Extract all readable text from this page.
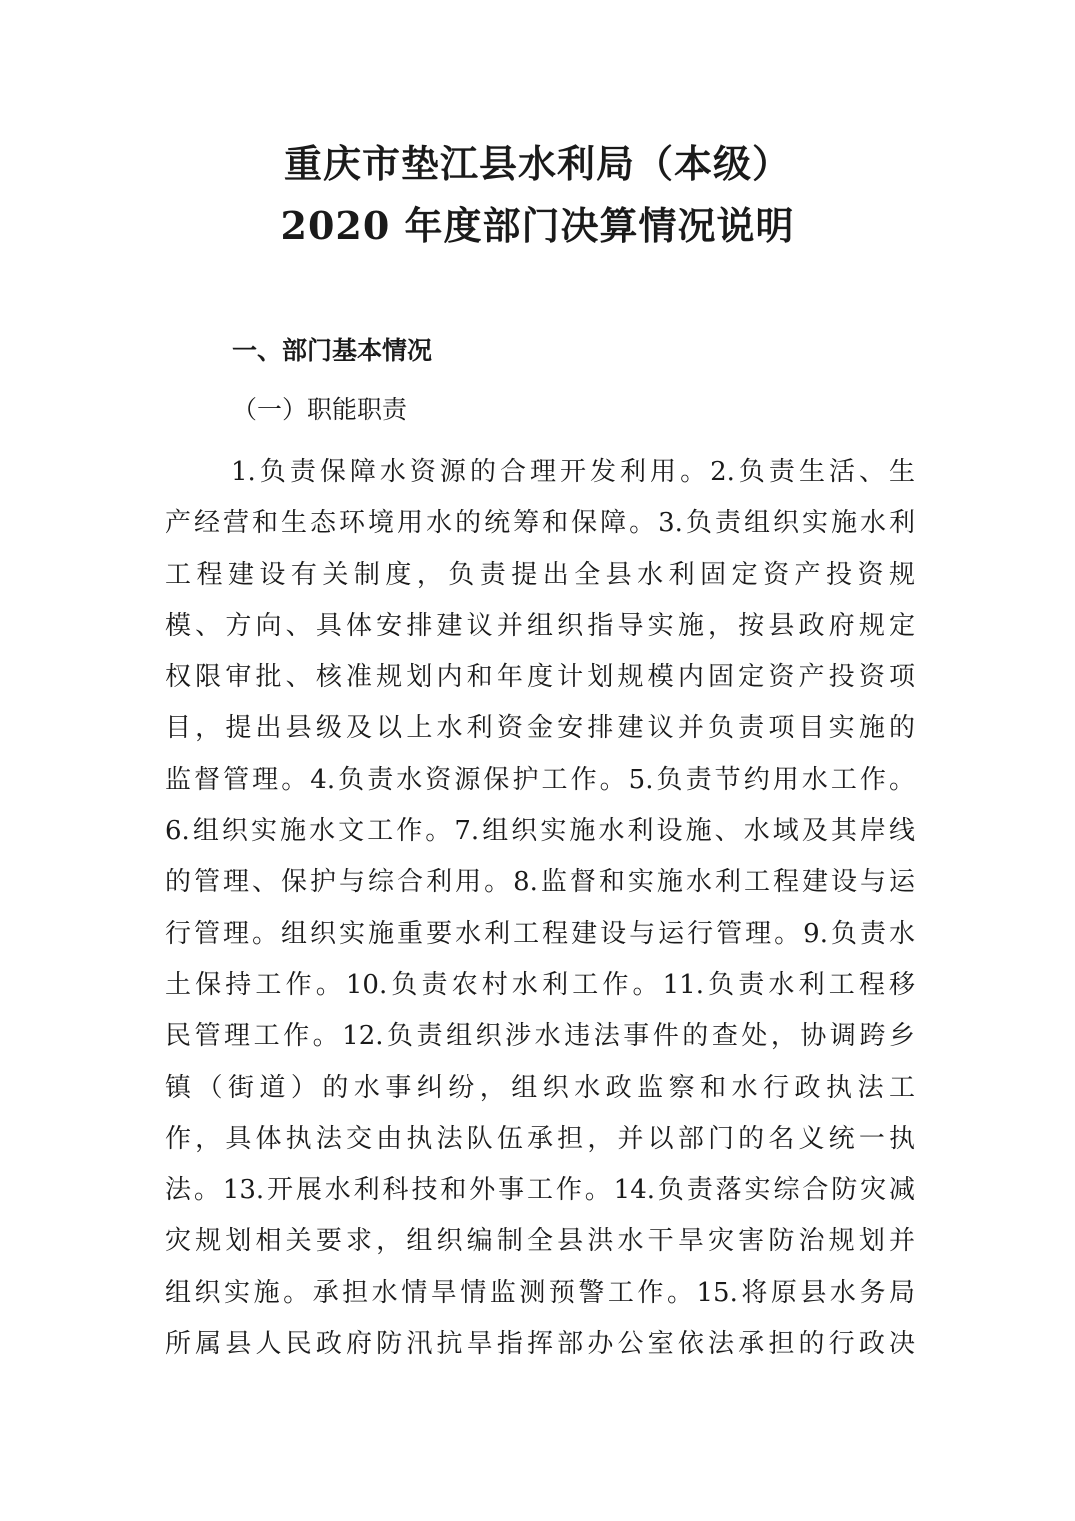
重庆市垫江县水利局（本级）
2020 年度部门决算情况说明
一、部门基本情况
（一）职能职责
1.负责保障水资源的合理开发利用。2.负责生活、生
产经营和生态环境用水的统筹和保障。3.负责组织实施水利
工程建设有关制度，负责提出全县水利固定资产投资规
模、方向、具体安排建议并组织指导实施，按县政府规定
权限审批、核准规划内和年度计划规模内固定资产投资项
目，提出县级及以上水利资金安排建议并负责项目实施的
监督管理。4.负责水资源保护工作。5.负责节约用水工作。
6.组织实施水文工作。7.组织实施水利设施、水域及其岸线
的管理、保护与综合利用。8.监督和实施水利工程建设与运
行管理。组织实施重要水利工程建设与运行管理。9.负责水
土保持工作。10.负责农村水利工作。11.负责水利工程移
民管理工作。12.负责组织涉水违法事件的查处，协调跨乡
镇（街道）的水事纠纷，组织水政监察和水行政执法工
作，具体执法交由执法队伍承担，并以部门的名义统一执
法。13.开展水利科技和外事工作。14.负责落实综合防灾减
灾规划相关要求，组织编制全县洪水干旱灾害防治规划并
组织实施。承担水情旱情监测预警工作。15.将原县水务局
所属县人民政府防汛抗旱指挥部办公室依法承担的行政决
